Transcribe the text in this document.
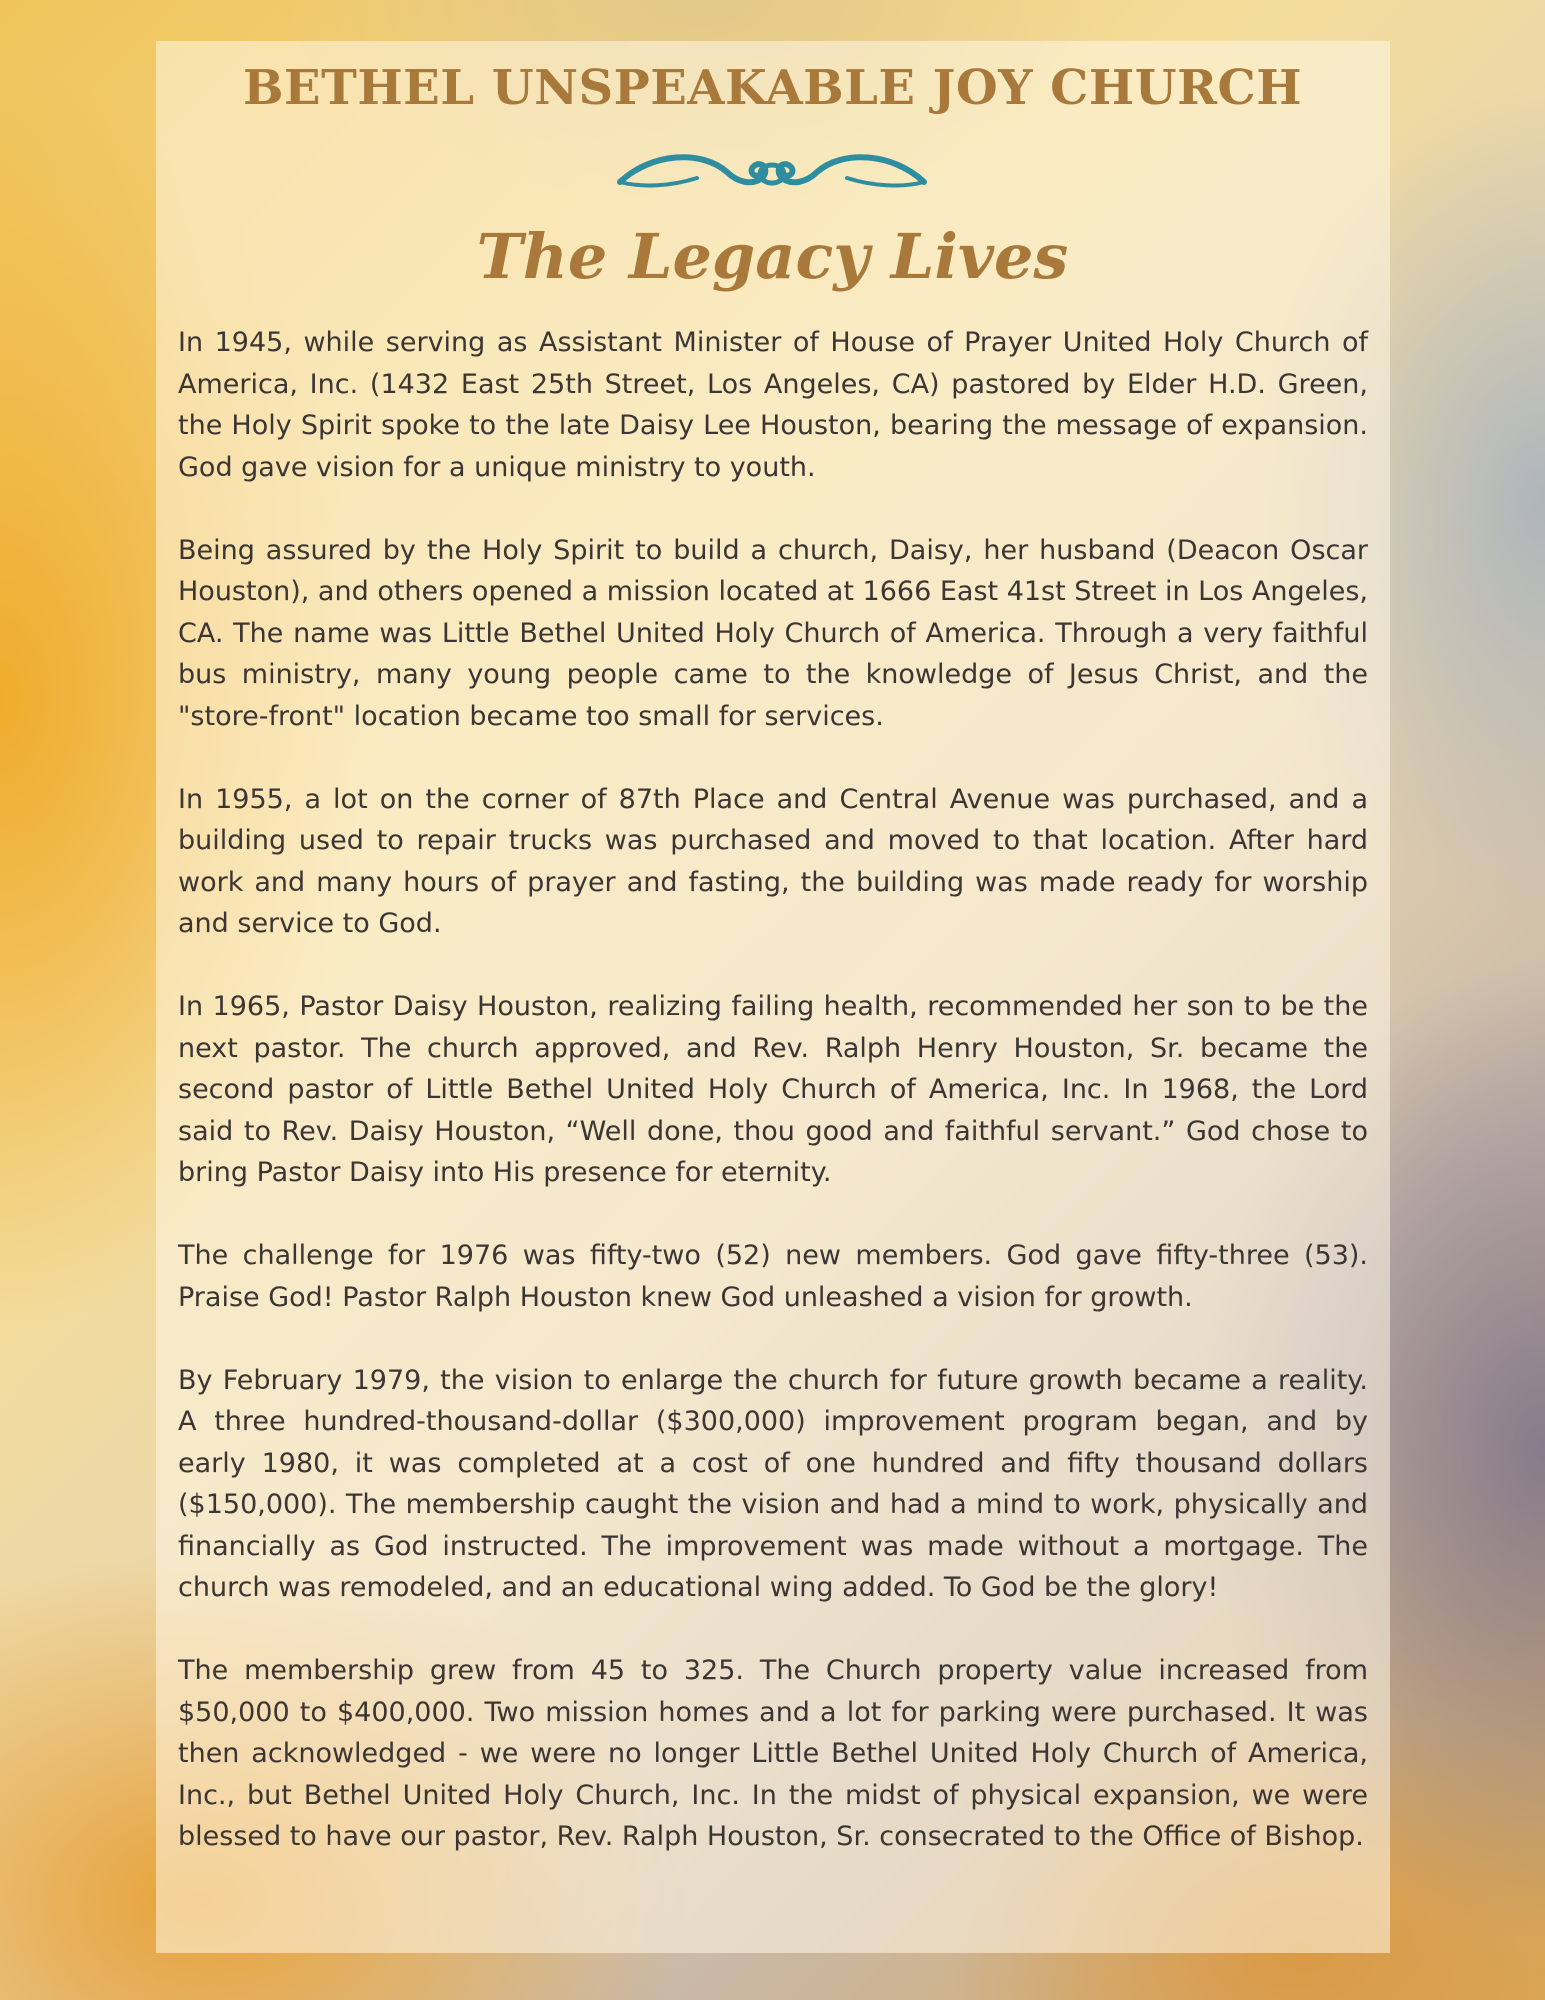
BETHEL UNSPEAKABLE JOY CHURCH
The Legacy Lives

In 1945, while serving as Assistant Minister of House of Prayer United Holy Church of America, Inc. (1432 East 25th Street, Los Angeles, CA) pastored by Elder H.D. Green, the Holy Spirit spoke to the late Daisy Lee Houston, bearing the message of expansion. God gave vision for a unique ministry to youth.

Being assured by the Holy Spirit to build a church, Daisy, her husband (Deacon Oscar Houston), and others opened a mission located at 1666 East 41st Street in Los Angeles, CA. The name was Little Bethel United Holy Church of America. Through a very faithful bus ministry, many young people came to the knowledge of Jesus Christ, and the "store-front" location became too small for services.

In 1955, a lot on the corner of 87th Place and Central Avenue was purchased, and a building used to repair trucks was purchased and moved to that location. After hard work and many hours of prayer and fasting, the building was made ready for worship and service to God.

In 1965, Pastor Daisy Houston, realizing failing health, recommended her son to be the next pastor. The church approved, and Rev. Ralph Henry Houston, Sr. became the second pastor of Little Bethel United Holy Church of America, Inc. In 1968, the Lord said to Rev. Daisy Houston, “Well done, thou good and faithful servant.” God chose to bring Pastor Daisy into His presence for eternity.

The challenge for 1976 was fifty-two (52) new members. God gave fifty-three (53). Praise God! Pastor Ralph Houston knew God unleashed a vision for growth.

By February 1979, the vision to enlarge the church for future growth became a reality. A three hundred-thousand-dollar ($300,000) improvement program began, and by early 1980, it was completed at a cost of one hundred and fifty thousand dollars ($150,000). The membership caught the vision and had a mind to work, physically and financially as God instructed. The improvement was made without a mortgage. The church was remodeled, and an educational wing added. To God be the glory!

The membership grew from 45 to 325. The Church property value increased from $50,000 to $400,000. Two mission homes and a lot for parking were purchased. It was then acknowledged - we were no longer Little Bethel United Holy Church of America, Inc., but Bethel United Holy Church, Inc. In the midst of physical expansion, we were blessed to have our pastor, Rev. Ralph Houston, Sr. consecrated to the Office of Bishop.
